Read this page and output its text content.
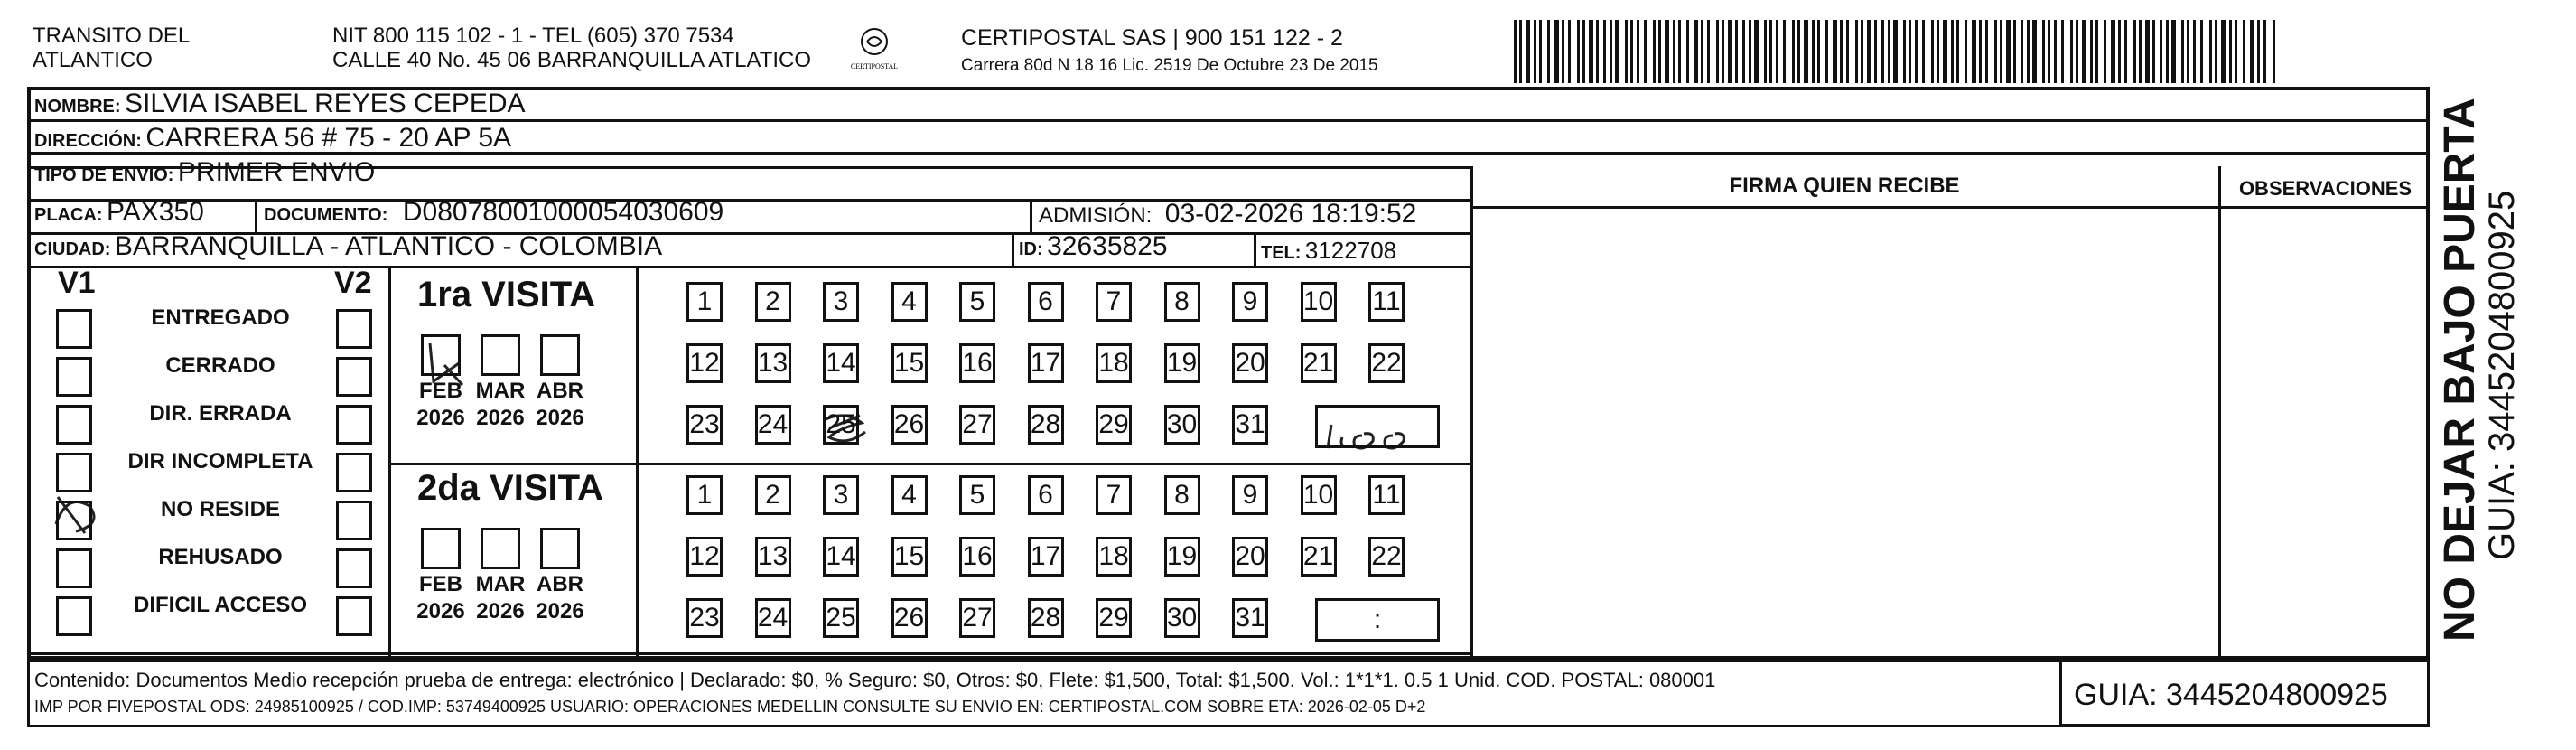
TRANSITO DEL
ATLANTICO
NIT 800 115 102 - 1 - TEL (605) 370 7534
CALLE 40 No. 45 06 BARRANQUILLA ATLATICO	CERTIPOSTAL
CERTIPOSTAL SAS | 900 151 122 - 2
Carrera 80d N 18 16 Lic. 2519 De Octubre 23 De 2015
NOMBRE: SILVIA ISABEL REYES CEPEDA
DIRECCIÓN: CARRERA 56 # 75 - 20 AP 5A
TIPO DE ENVIO: PRIMER ENVIO
PLACA: PAX350	DOCUMENTO: D08078001000054030609	ADMISIÓN: 03-02-2026 18:19:52
CIUDAD: BARRANQUILLA - ATLANTICO - COLOMBIA	ID: 32635825	TEL: 3122708
FIRMA QUIEN RECIBE	OBSERVACIONES
V1	V2 1ra VISITA
2da VISITA
Contenido: Documentos Medio recepción prueba de entrega: electrónico | Declarado: $0, % Seguro: $0, Otros: $0, Flete: $1,500, Total: $1,500. Vol.: 1*1*1. 0.5 1 Unid. COD. POSTAL: 080001
IMP POR FIVEPOSTAL ODS: 24985100925 / COD.IMP: 53749400925 USUARIO: OPERACIONES MEDELLIN CONSULTE SU ENVIO EN: CERTIPOSTAL.COM SOBRE ETA: 2026-02-05 D+2	GUIA: 3445204800925
NO DEJAR BAJO PUERTA
GUIA: 3445204800925
ENTREGADO
CERRADO
DIR. ERRADA
DIR INCOMPLETA
NO RESIDE
REHUSADO
DIFICIL ACCESO
FEB
2026
MAR
2026
ABR
2026
1	2	3	4	5	6	7	8	9	10 11
12 13 14 15 16 17 18 19 20 21 22
23 24 25 26 27 28 29 30 31
FEB
2026
MAR
2026
ABR
2026
1	2	3	4	5	6	7	8	9	10 11
12 13 14 15 16 17 18 19 20 21 22
23 24 25 26 27 28 29 30 31	:
